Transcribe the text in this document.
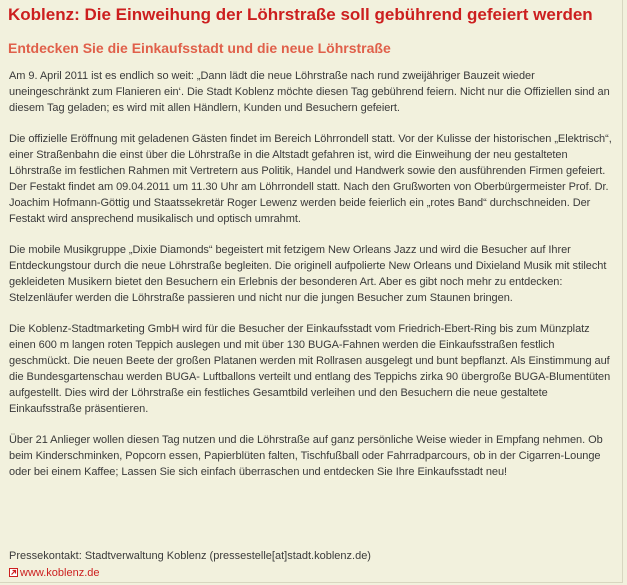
Koblenz: Die Einweihung der Löhrstraße soll gebührend gefeiert werden
Entdecken Sie die Einkaufsstadt und die neue Löhrstraße

Am 9. April 2011 ist es endlich so weit: „Dann lädt die neue Löhrstraße nach rund zweijähriger Bauzeit wieder uneingeschränkt zum Flanieren ein‘. Die Stadt Koblenz möchte diesen Tag gebührend feiern. Nicht nur die Offiziellen sind an diesem Tag geladen; es wird mit allen Händlern, Kunden und Besuchern gefeiert.

Die offizielle Eröffnung mit geladenen Gästen findet im Bereich Löhrrondell statt. Vor der Kulisse der historischen „Elektrisch“, einer Straßenbahn die einst über die Löhrstraße in die Altstadt gefahren ist, wird die Einweihung der neu gestalteten Löhrstraße im festlichen Rahmen mit Vertretern aus Politik, Handel und Handwerk sowie den ausführenden Firmen gefeiert. Der Festakt findet am 09.04.2011 um 11.30 Uhr am Löhrrondell statt. Nach den Grußworten von Oberbürgermeister Prof. Dr. Joachim Hofmann-Göttig und Staatssekretär Roger Lewenz werden beide feierlich ein „rotes Band“ durchschneiden. Der Festakt wird ansprechend musikalisch und optisch umrahmt.

Die mobile Musikgruppe „Dixie Diamonds“ begeistert mit fetzigem New Orleans Jazz und wird die Besucher auf Ihrer Entdeckungstour durch die neue Löhrstraße begleiten. Die originell aufpolierte New Orleans und Dixieland Musik mit stilecht gekleideten Musikern bietet den Besuchern ein Erlebnis der besonderen Art. Aber es gibt noch mehr zu entdecken: Stelzenläufer werden die Löhrstraße passieren und nicht nur die jungen Besucher zum Staunen bringen.

Die Koblenz-Stadtmarketing GmbH wird für die Besucher der Einkaufsstadt vom Friedrich-Ebert-Ring bis zum Münzplatz einen 600 m langen roten Teppich auslegen und mit über 130 BUGA-Fahnen werden die Einkaufsstraßen festlich geschmückt. Die neuen Beete der großen Platanen werden mit Rollrasen ausgelegt und bunt bepflanzt. Als Einstimmung auf die Bundesgartenschau werden BUGA- Luftballons verteilt und entlang des Teppichs zirka 90 übergroße BUGA-Blumentüten aufgestellt. Dies wird der Löhrstraße ein festliches Gesamtbild verleihen und den Besuchern die neue gestaltete Einkaufsstraße präsentieren.

Über 21 Anlieger wollen diesen Tag nutzen und die Löhrstraße auf ganz persönliche Weise wieder in Empfang nehmen. Ob beim Kinderschminken, Popcorn essen, Papierblüten falten, Tischfußball oder Fahrradparcours, ob in der Cigarren-Lounge oder bei einem Kaffee; Lassen Sie sich einfach überraschen und entdecken Sie Ihre Einkaufsstadt neu!

Pressekontakt: Stadtverwaltung Koblenz (pressestelle[at]stadt.koblenz.de)
www.koblenz.de
